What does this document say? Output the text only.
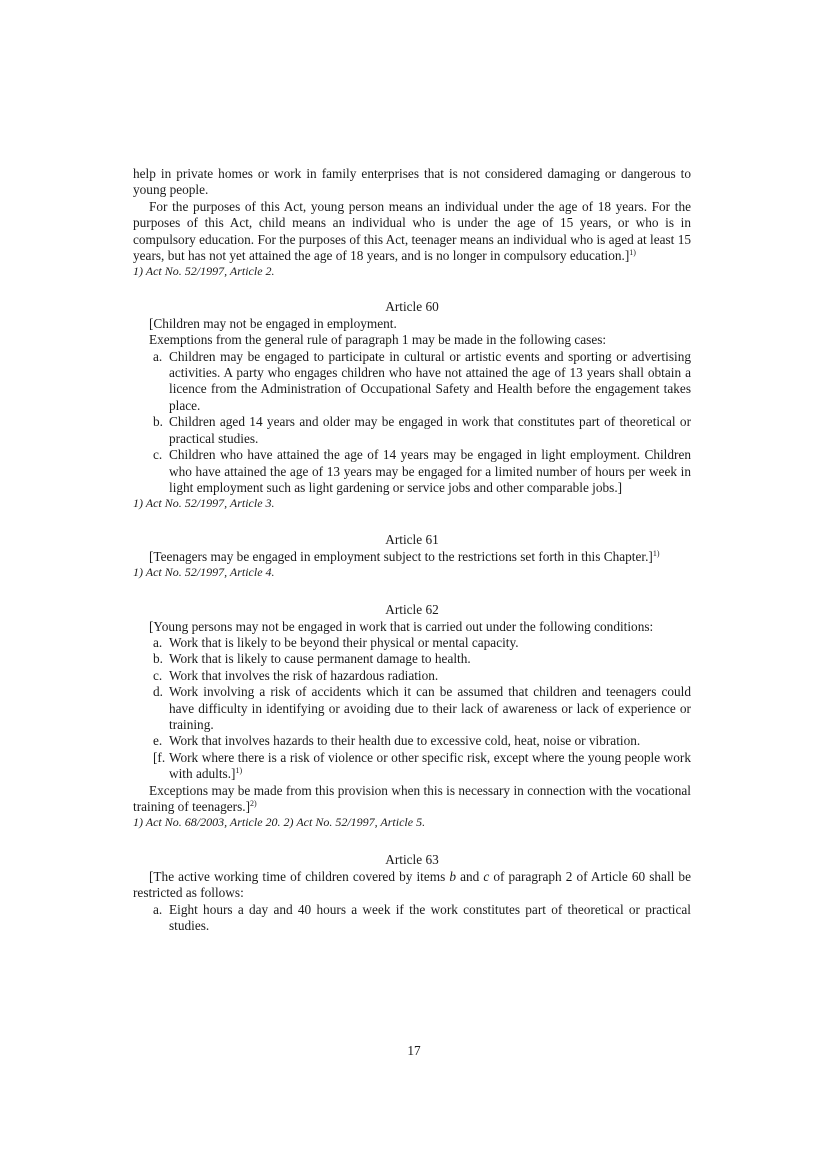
help in private homes or work in family enterprises that is not considered damaging or dangerous to young people.

For the purposes of this Act, young person means an individual under the age of 18 years. For the purposes of this Act, child means an individual who is under the age of 15 years, or who is in compulsory education. For the purposes of this Act, teenager means an individual who is aged at least 15 years, but has not yet attained the age of 18 years, and is no longer in compulsory education.]$^{1)}$

1) Act No. 52/1997, Article 2.

Article 60

[Children may not be engaged in employment.

Exemptions from the general rule of paragraph 1 may be made in the following cases:

a. Children may be engaged to participate in cultural or artistic events and sporting or advertising activities. A party who engages children who have not attained the age of 13 years shall obtain a licence from the Administration of Occupational Safety and Health before the engagement takes place.
b. Children aged 14 years and older may be engaged in work that constitutes part of theoretical or practical studies.
c. Children who have attained the age of 14 years may be engaged in light employment. Children who have attained the age of 13 years may be engaged for a limited number of hours per week in light employment such as light gardening or service jobs and other comparable jobs.]

1) Act No. 52/1997, Article 3.

Article 61

[Teenagers may be engaged in employment subject to the restrictions set forth in this Chapter.]$^{1)}$

1) Act No. 52/1997, Article 4.

Article 62

[Young persons may not be engaged in work that is carried out under the following conditions:

a. Work that is likely to be beyond their physical or mental capacity.
b. Work that is likely to cause permanent damage to health.
c. Work that involves the risk of hazardous radiation.
d. Work involving a risk of accidents which it can be assumed that children and teenagers could have difficulty in identifying or avoiding due to their lack of awareness or lack of experience or training.
e. Work that involves hazards to their health due to excessive cold, heat, noise or vibration.
[f. Work where there is a risk of violence or other specific risk, except where the young people work with adults.]$^{1)}$

Exceptions may be made from this provision when this is necessary in connection with the vocational training of teenagers.]$^{2)}$

1) Act No. 68/2003, Article 20. 2) Act No. 52/1997, Article 5.

Article 63

[The active working time of children covered by items b and c of paragraph 2 of Article 60 shall be restricted as follows:

a. Eight hours a day and 40 hours a week if the work constitutes part of theoretical or practical studies.
17
